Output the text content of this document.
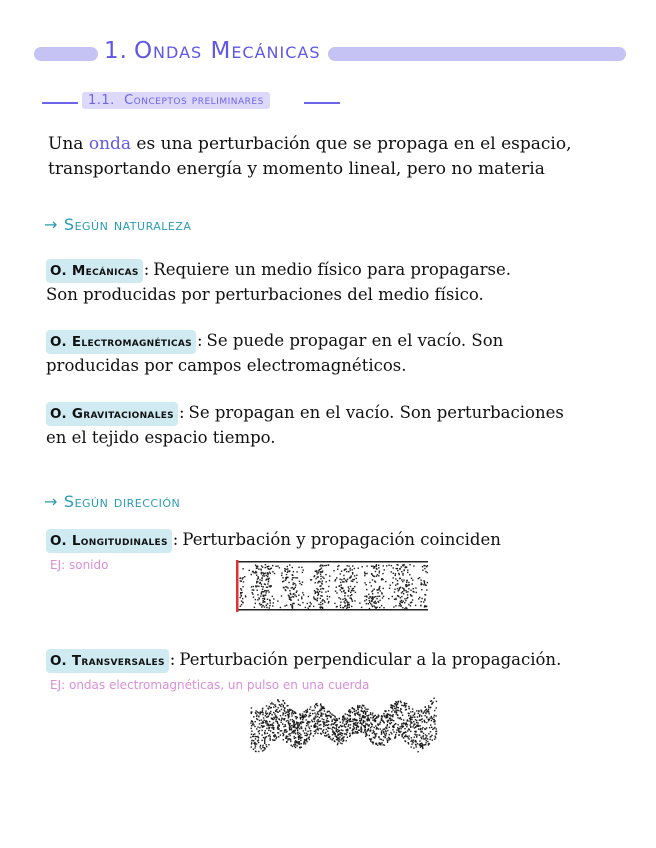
1. Ondas Mecánicas
1.1. Conceptos preliminares
Una onda es una perturbación que se propaga en el espacio,
transportando energía y momento lineal, pero no materia
→ Según naturaleza
O. Mecánicas : Requiere un medio físico para propagarse.
Son producidas por perturbaciones del medio físico.
O. Electromagnéticas : Se puede propagar en el vacío. Son
producidas por campos electromagnéticos.
O. Gravitacionales : Se propagan en el vacío. Son perturbaciones
en el tejido espacio tiempo.
→ Según dirección
O. Longitudinales : Perturbación y propagación coinciden
EJ: sonido
O. Transversales : Perturbación perpendicular a la propagación.
EJ: ondas electromagnéticas, un pulso en una cuerda
